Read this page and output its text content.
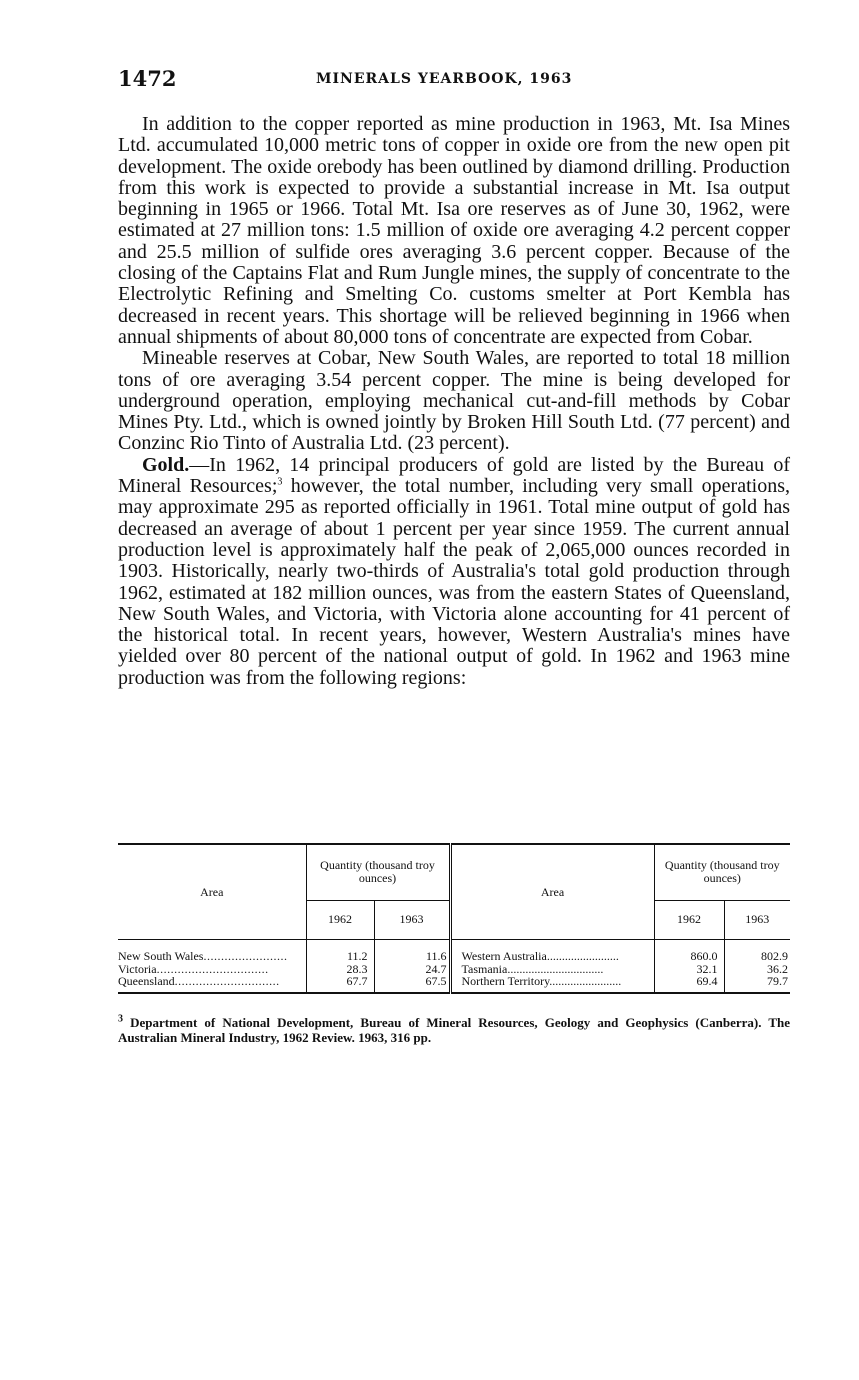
1472	MINERALS YEARBOOK, 1963

In addition to the copper reported as mine production in 1963, Mt. Isa Mines Ltd. accumulated 10,000 metric tons of copper in oxide ore from the new open pit development. The oxide orebody has been outlined by diamond drilling. Production from this work is expected to provide a substantial increase in Mt. Isa output beginning in 1965 or 1966. Total Mt. Isa ore reserves as of June 30, 1962, were estimated at 27 million tons: 1.5 million of oxide ore averaging 4.2 percent copper and 25.5 million of sulfide ores averaging 3.6 percent copper. Because of the closing of the Captains Flat and Rum Jungle mines, the supply of concentrate to the Electrolytic Refining and Smelting Co. customs smelter at Port Kembla has decreased in recent years. This shortage will be relieved beginning in 1966 when annual shipments of about 80,000 tons of concentrate are expected from Cobar.

Mineable reserves at Cobar, New South Wales, are reported to total 18 million tons of ore averaging 3.54 percent copper. The mine is being developed for underground operation, employing mechanical cut-and-fill methods by Cobar Mines Pty. Ltd., which is owned jointly by Broken Hill South Ltd. (77 percent) and Conzinc Rio Tinto of Australia Ltd. (23 percent).

Gold.—In 1962, 14 principal producers of gold are listed by the Bureau of Mineral Resources;$^3$ however, the total number, including very small operations, may approximate 295 as reported officially in 1961. Total mine output of gold has decreased an average of about 1 percent per year since 1959. The current annual production level is approximately half the peak of 2,065,000 ounces recorded in 1903. Historically, nearly two-thirds of Australia's total gold production through 1962, estimated at 182 million ounces, was from the eastern States of Queensland, New South Wales, and Victoria, with Victoria alone accounting for 41 percent of the historical total. In recent years, however, Western Australia's mines have yielded over 80 percent of the national output of gold. In 1962 and 1963 mine production was from the following regions:

Area	Quantity (thousand troy ounces)		Area	Quantity (thousand troy ounces)	
	1962	1963		1962	1963
New South Wales........................	11.2	11.6	Western Australia........................	860.0	802.9
Victoria................................	28.3	24.7	Tasmania................................	32.1	36.2
Queensland..............................	67.7	67.5	Northern Territory........................	69.4	79.7

$^3$ Department of National Development, Bureau of Mineral Resources, Geology and Geophysics (Canberra). The Australian Mineral Industry, 1962 Review. 1963, 316 pp.
